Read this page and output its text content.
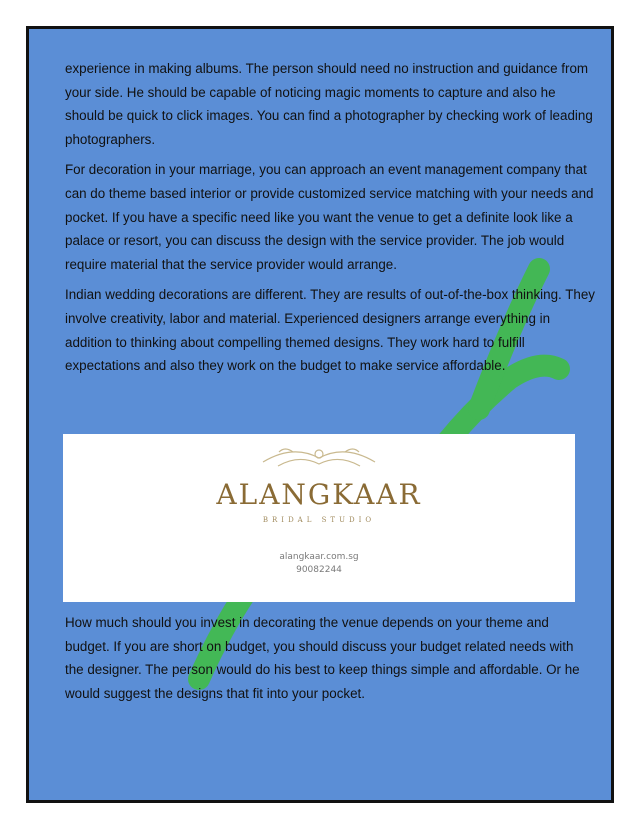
experience in making albums. The person should need no instruction and guidance from your side. He should be capable of noticing magic moments to capture and also he should be quick to click images. You can find a photographer by checking work of leading photographers.

For decoration in your marriage, you can approach an event management company that can do theme based interior or provide customized service matching with your needs and pocket. If you have a specific need like you want the venue to get a definite look like a palace or resort, you can discuss the design with the service provider. The job would require material that the service provider would arrange.

Indian wedding decorations are different. They are results of out-of-the-box thinking. They involve creativity, labor and material. Experienced designers arrange everything in addition to thinking about compelling themed designs. They work hard to fulfill expectations and also they work on the budget to make service affordable.

ALANGKAAR
BRIDAL STUDIO
alangkaar.com.sg
90082244

How much should you invest in decorating the venue depends on your theme and budget. If you are short on budget, you should discuss your budget related needs with the designer. The person would do his best to keep things simple and affordable. Or he would suggest the designs that fit into your pocket.
